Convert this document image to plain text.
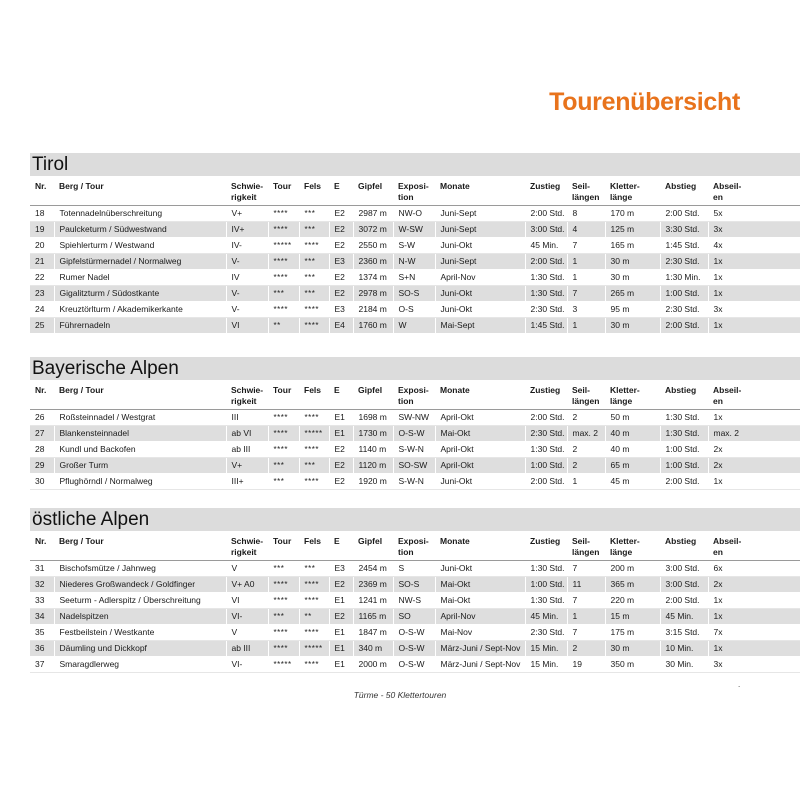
Tourenübersicht
Tirol
Nr.	Berg / Tour	Schwie-
rigkeit	Tour	Fels	E	Gipfel	Exposi-
tion	Monate	Zustieg	Seil-
längen	Kletter-
länge	Abstieg	Abseil-
en
18	Totennadelnüberschreitung	V+	****	***	E2	2987 m	NW-O	Juni-Sept	2:00 Std.	8	170 m	2:00 Std.	5x
19	Paulcketurm / Südwestwand	IV+	****	***	E2	3072 m	W-SW	Juni-Sept	3:00 Std.	4	125 m	3:30 Std.	3x
20	Spiehlerturm / Westwand	IV-	*****	****	E2	2550 m	S-W	Juni-Okt	45 Min.	7	165 m	1:45 Std.	4x
21	Gipfelstürmernadel / Normalweg	V-	****	***	E3	2360 m	N-W	Juni-Sept	2:00 Std.	1	30 m	2:30 Std.	1x
22	Rumer Nadel	IV	****	***	E2	1374 m	S+N	April-Nov	1:30 Std.	1	30 m	1:30 Min.	1x
23	Gigalitzturm / Südostkante	V-	***	***	E2	2978 m	SO-S	Juni-Okt	1:30 Std.	7	265 m	1:00 Std.	1x
24	Kreuztörlturm / Akademikerkante	V-	****	****	E3	2184 m	O-S	Juni-Okt	2:30 Std.	3	95 m	2:30 Std.	3x
25	Führernadeln	VI	**	****	E4	1760 m	W	Mai-Sept	1:45 Std.	1	30 m	2:00 Std.	1x
Bayerische Alpen
Nr.	Berg / Tour	Schwie-
rigkeit	Tour	Fels	E	Gipfel	Exposi-
tion	Monate	Zustieg	Seil-
längen	Kletter-
länge	Abstieg	Abseil-
en
26	Roßsteinnadel / Westgrat	III	****	****	E1	1698 m	SW-NW	April-Okt	2:00 Std.	2	50 m	1:30 Std.	1x
27	Blankensteinnadel	ab VI	****	*****	E1	1730 m	O-S-W	Mai-Okt	2:30 Std.	max. 2	40 m	1:30 Std.	max. 2
28	Kundl und Backofen	ab III	****	****	E2	1140 m	S-W-N	April-Okt	1:30 Std.	2	40 m	1:00 Std.	2x
29	Großer Turm	V+	***	***	E2	1120 m	SO-SW	April-Okt	1:00 Std.	2	65 m	1:00 Std.	2x
30	Pflughörndl / Normalweg	III+	***	****	E2	1920 m	S-W-N	Juni-Okt	2:00 Std.	1	45 m	2:00 Std.	1x
östliche Alpen
Nr.	Berg / Tour	Schwie-
rigkeit	Tour	Fels	E	Gipfel	Exposi-
tion	Monate	Zustieg	Seil-
längen	Kletter-
länge	Abstieg	Abseil-
en
31	Bischofsmütze / Jahnweg	V	***	***	E3	2454 m	S	Juni-Okt	1:30 Std.	7	200 m	3:00 Std.	6x
32	Niederes Großwandeck / Goldfinger	V+ A0	****	****	E2	2369 m	SO-S	Mai-Okt	1:00 Std.	11	365 m	3:00 Std.	2x
33	Seeturm - Adlerspitz / Überschreitung	VI	****	****	E1	1241 m	NW-S	Mai-Okt	1:30 Std.	7	220 m	2:00 Std.	1x
34	Nadelspitzen	VI-	***	**	E2	1165 m	SO	April-Nov	45 Min.	1	15 m	45 Min.	1x
35	Festbeilstein / Westkante	V	****	****	E1	1847 m	O-S-W	Mai-Nov	2:30 Std.	7	175 m	3:15 Std.	7x
36	Däumling und Dickkopf	ab III	****	*****	E1	340 m	O-S-W	März-Juni / Sept-Nov	15 Min.	2	30 m	10 Min.	1x
37	Smaragdlerweg	VI-	*****	****	E1	2000 m	O-S-W	März-Juni / Sept-Nov	15 Min.	19	350 m	30 Min.	3x
.
Türme - 50 Klettertouren
